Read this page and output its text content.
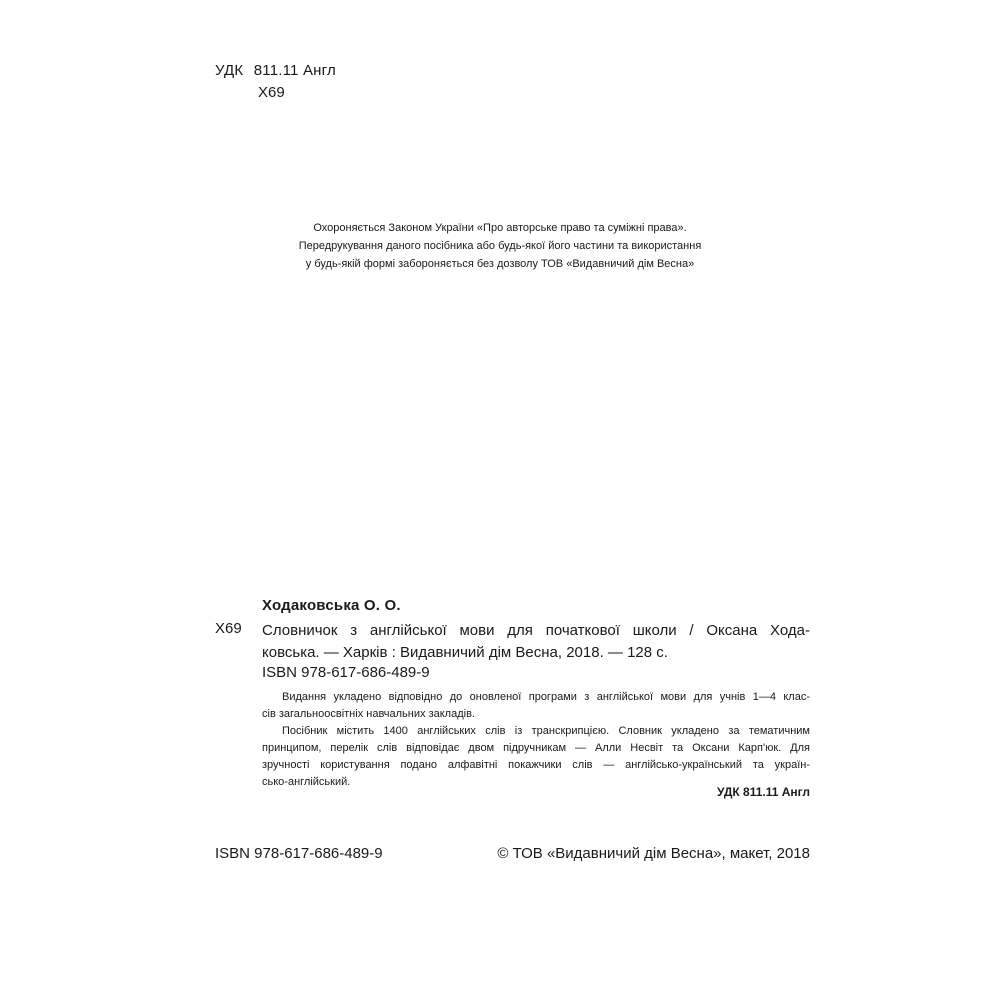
УДК 811.11 Англ
Х69
Охороняється Законом України «Про авторське право та суміжні права».
Передрукування даного посібника або будь-якої його частини та використання
у будь-якій формі забороняється без дозволу ТОВ «Видавничий дім Весна»
Ходаковська О. О.
Х69 Словничок з англійської мови для початкової школи / Оксана Хода-
ковська. — Харків : Видавничий дім Весна, 2018. — 128 с.
ISBN 978-617-686-489-9
Видання укладено відповідно до оновленої програми з англійської мови для учнів 1—4 клас-
сів загальноосвітніх навчальних закладів.
Посібник містить 1400 англійських слів із транскрипцією. Словник укладено за тематичним
принципом, перелік слів відповідає двом підручникам — Алли Несвіт та Оксани Карп'юк. Для
зручності користування подано алфавітні покажчики слів — англійсько-український та україн-
сько-англійський.
УДК 811.11 Англ
ISBN 978-617-686-489-9	© ТОВ «Видавничий дім Весна», макет, 2018
